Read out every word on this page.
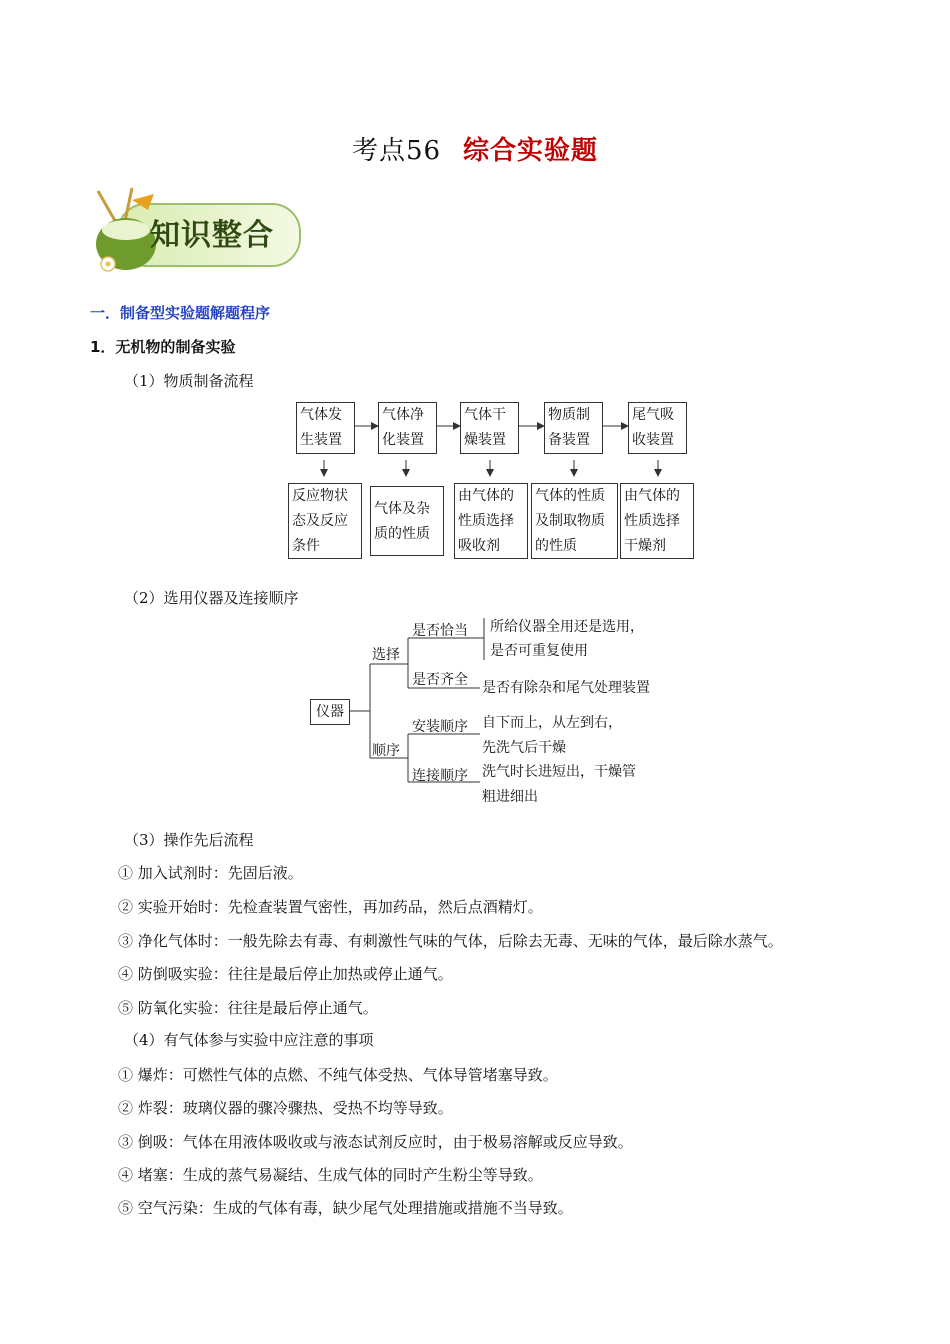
考点56 综合实验题
知识整合
一．制备型实验题解题程序
1．无机物的制备实验
（1）物质制备流程
气体发生装置
气体净化装置
气体干燥装置
物质制备装置
尾气吸收装置
反应物状态及反应条件
气体及杂质的性质
由气体的性质选择吸收剂
气体的性质及制取物质的性质
由气体的性质选择干燥剂
（2）选用仪器及连接顺序
仪器
选择
顺序
是否恰当 所给仪器全用还是选用，
是否可重复使用
是否齐全 是否有除杂和尾气处理装置
安装顺序 自下而上，从左到右，
先洗气后干燥
连接顺序 洗气时长进短出，干燥管
粗进细出
（3）操作先后流程
① 加入试剂时：先固后液。
② 实验开始时：先检查装置气密性，再加药品，然后点酒精灯。
③ 净化气体时：一般先除去有毒、有刺激性气味的气体，后除去无毒、无味的气体，最后除水蒸气。
④ 防倒吸实验：往往是最后停止加热或停止通气。
⑤ 防氧化实验：往往是最后停止通气。
（4）有气体参与实验中应注意的事项
① 爆炸：可燃性气体的点燃、不纯气体受热、气体导管堵塞导致。
② 炸裂：玻璃仪器的骤冷骤热、受热不均等导致。
③ 倒吸：气体在用液体吸收或与液态试剂反应时，由于极易溶解或反应导致。
④ 堵塞：生成的蒸气易凝结、生成气体的同时产生粉尘等导致。
⑤ 空气污染：生成的气体有毒，缺少尾气处理措施或措施不当导致。
